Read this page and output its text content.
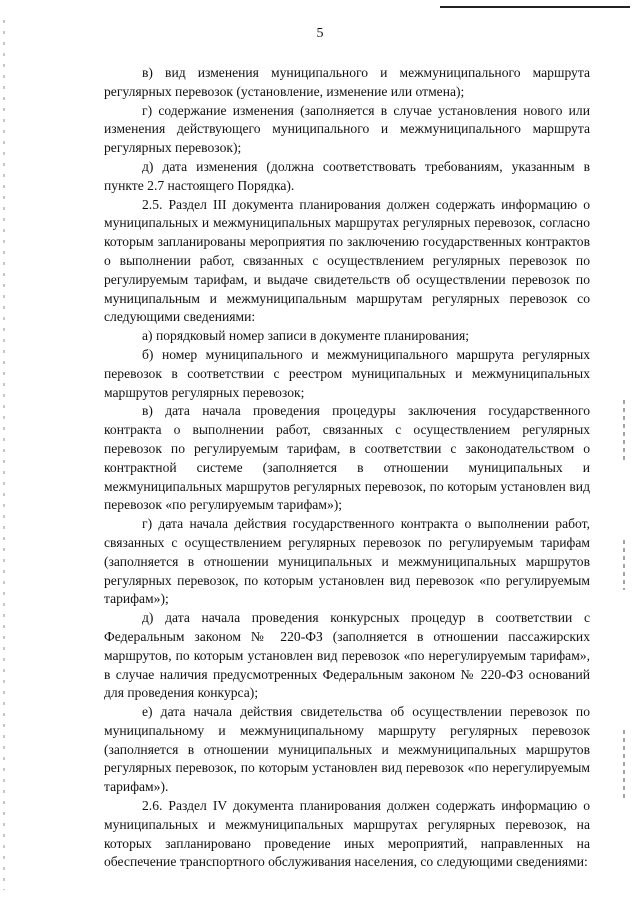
5

в) вид изменения муниципального и межмуниципального маршрута регулярных перевозок (установление, изменение или отмена);

г) содержание изменения (заполняется в случае установления нового или изменения действующего муниципального и межмуниципального маршрута регулярных перевозок);

д) дата изменения (должна соответствовать требованиям, указанным в пункте 2.7 настоящего Порядка).

2.5. Раздел III документа планирования должен содержать информацию о муниципальных и межмуниципальных маршрутах регулярных перевозок, согласно которым запланированы мероприятия по заключению государственных контрактов о выполнении работ, связанных с осуществлением регулярных перевозок по регулируемым тарифам, и выдаче свидетельств об осуществлении перевозок по муниципальным и межмуниципальным маршрутам регулярных перевозок со следующими сведениями:

а) порядковый номер записи в документе планирования;

б) номер муниципального и межмуниципального маршрута регулярных перевозок в соответствии с реестром муниципальных и межмуниципальных маршрутов регулярных перевозок;

в) дата начала проведения процедуры заключения государственного контракта о выполнении работ, связанных с осуществлением регулярных перевозок по регулируемым тарифам, в соответствии с законодательством о контрактной системе (заполняется в отношении муниципальных и межмуниципальных маршрутов регулярных перевозок, по которым установлен вид перевозок «по регулируемым тарифам»);

г) дата начала действия государственного контракта о выполнении работ, связанных с осуществлением регулярных перевозок по регулируемым тарифам (заполняется в отношении муниципальных и межмуниципальных маршрутов регулярных перевозок, по которым установлен вид перевозок «по регулируемым тарифам»);

д) дата начала проведения конкурсных процедур в соответствии с Федеральным законом № 220-ФЗ (заполняется в отношении пассажирских маршрутов, по которым установлен вид перевозок «по нерегулируемым тарифам», в случае наличия предусмотренных Федеральным законом № 220-ФЗ оснований для проведения конкурса);

е) дата начала действия свидетельства об осуществлении перевозок по муниципальному и межмуниципальному маршруту регулярных перевозок (заполняется в отношении муниципальных и межмуниципальных маршрутов регулярных перевозок, по которым установлен вид перевозок «по нерегулируемым тарифам»).

2.6. Раздел IV документа планирования должен содержать информацию о муниципальных и межмуниципальных маршрутах регулярных перевозок, на которых запланировано проведение иных мероприятий, направленных на обеспечение транспортного обслуживания населения, со следующими сведениями:
